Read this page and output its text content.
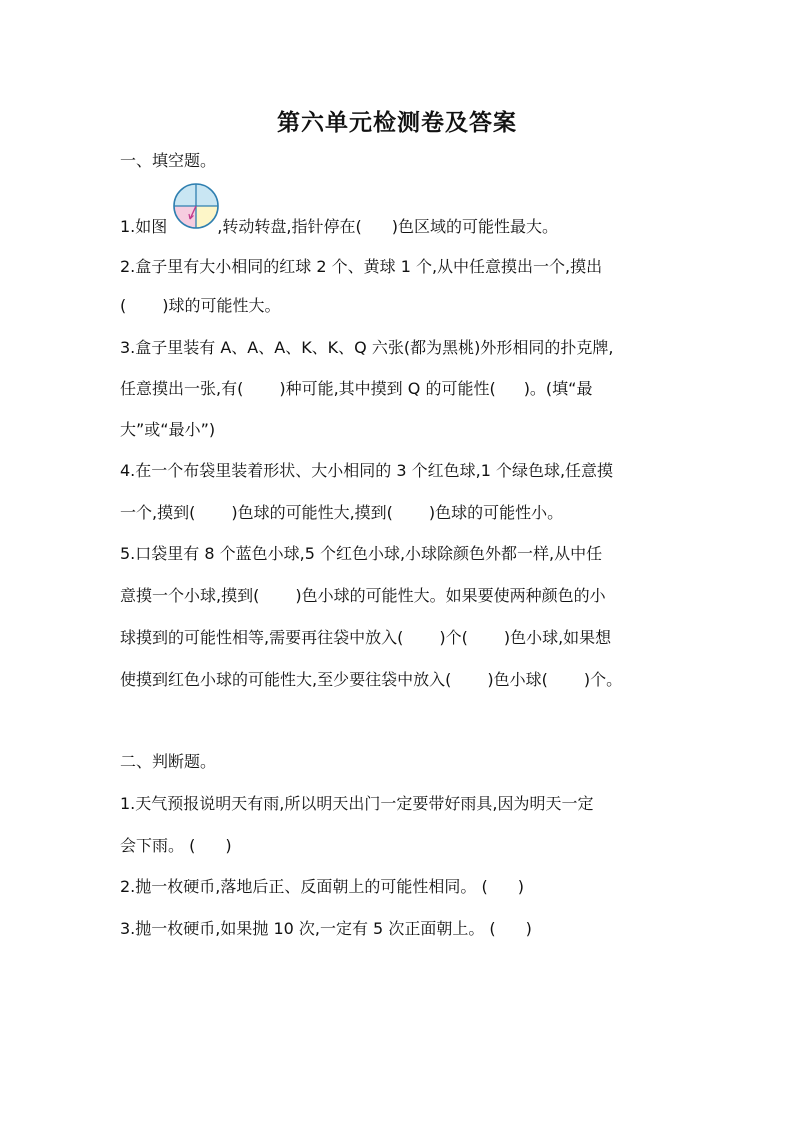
第六单元检测卷及答案
一、填空题。
1.如图	,转动转盘,指针停在( )色区域的可能性最大。
2.盒子里有大小相同的红球 2 个、黄球 1 个,从中任意摸出一个,摸出
( )球的可能性大。
3.盒子里装有 A、A、A、K、K、Q 六张(都为黑桃)外形相同的扑克牌,
任意摸出一张,有( )种可能,其中摸到 Q 的可能性( )。(填“最
大”或“最小”)
4.在一个布袋里装着形状、大小相同的 3 个红色球,1 个绿色球,任意摸
一个,摸到( )色球的可能性大,摸到( )色球的可能性小。
5.口袋里有 8 个蓝色小球,5 个红色小球,小球除颜色外都一样,从中任
意摸一个小球,摸到( )色小球的可能性大。如果要使两种颜色的小
球摸到的可能性相等,需要再往袋中放入( )个( )色小球,如果想
使摸到红色小球的可能性大,至少要往袋中放入( )色小球( )个。
二、判断题。
1.天气预报说明天有雨,所以明天出门一定要带好雨具,因为明天一定
会下雨。 ( )
2.抛一枚硬币,落地后正、反面朝上的可能性相同。 ( )
3.抛一枚硬币,如果抛 10 次,一定有 5 次正面朝上。 ( )
